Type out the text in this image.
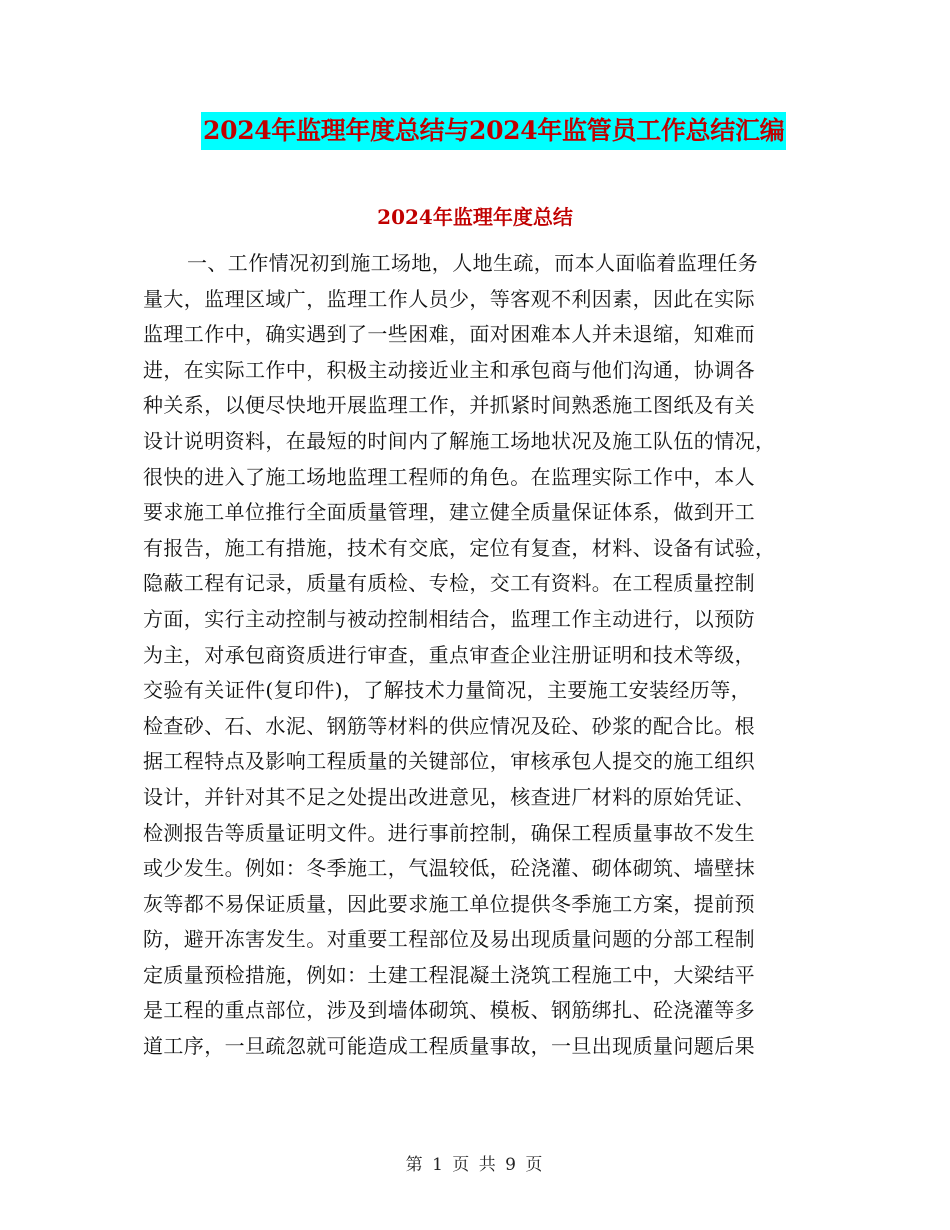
2024年监理年度总结与2024年监管员工作总结汇编
2024年监理年度总结
一、工作情况初到施工场地，人地生疏，而本人面临着监理任务
量大，监理区域广，监理工作人员少，等客观不利因素，因此在实际
监理工作中，确实遇到了一些困难，面对困难本人并未退缩，知难而
进，在实际工作中，积极主动接近业主和承包商与他们沟通，协调各
种关系，以便尽快地开展监理工作，并抓紧时间熟悉施工图纸及有关
设计说明资料，在最短的时间内了解施工场地状况及施工队伍的情况，
很快的进入了施工场地监理工程师的角色。在监理实际工作中，本人
要求施工单位推行全面质量管理，建立健全质量保证体系，做到开工
有报告，施工有措施，技术有交底，定位有复查，材料、设备有试验，
隐蔽工程有记录，质量有质检、专检，交工有资料。在工程质量控制
方面，实行主动控制与被动控制相结合，监理工作主动进行，以预防
为主，对承包商资质进行审查，重点审查企业注册证明和技术等级，
交验有关证件(复印件)，了解技术力量简况，主要施工安装经历等，
检查砂、石、水泥、钢筋等材料的供应情况及砼、砂浆的配合比。根
据工程特点及影响工程质量的关键部位，审核承包人提交的施工组织
设计，并针对其不足之处提出改进意见，核查进厂材料的原始凭证、
检测报告等质量证明文件。进行事前控制，确保工程质量事故不发生
或少发生。例如：冬季施工，气温较低，砼浇灌、砌体砌筑、墙壁抹
灰等都不易保证质量，因此要求施工单位提供冬季施工方案，提前预
防，避开冻害发生。对重要工程部位及易出现质量问题的分部工程制
定质量预检措施，例如：土建工程混凝土浇筑工程施工中，大梁结平
是工程的重点部位，涉及到墙体砌筑、模板、钢筋绑扎、砼浇灌等多
道工序，一旦疏忽就可能造成工程质量事故，一旦出现质量问题后果
第 1 页 共 9 页
